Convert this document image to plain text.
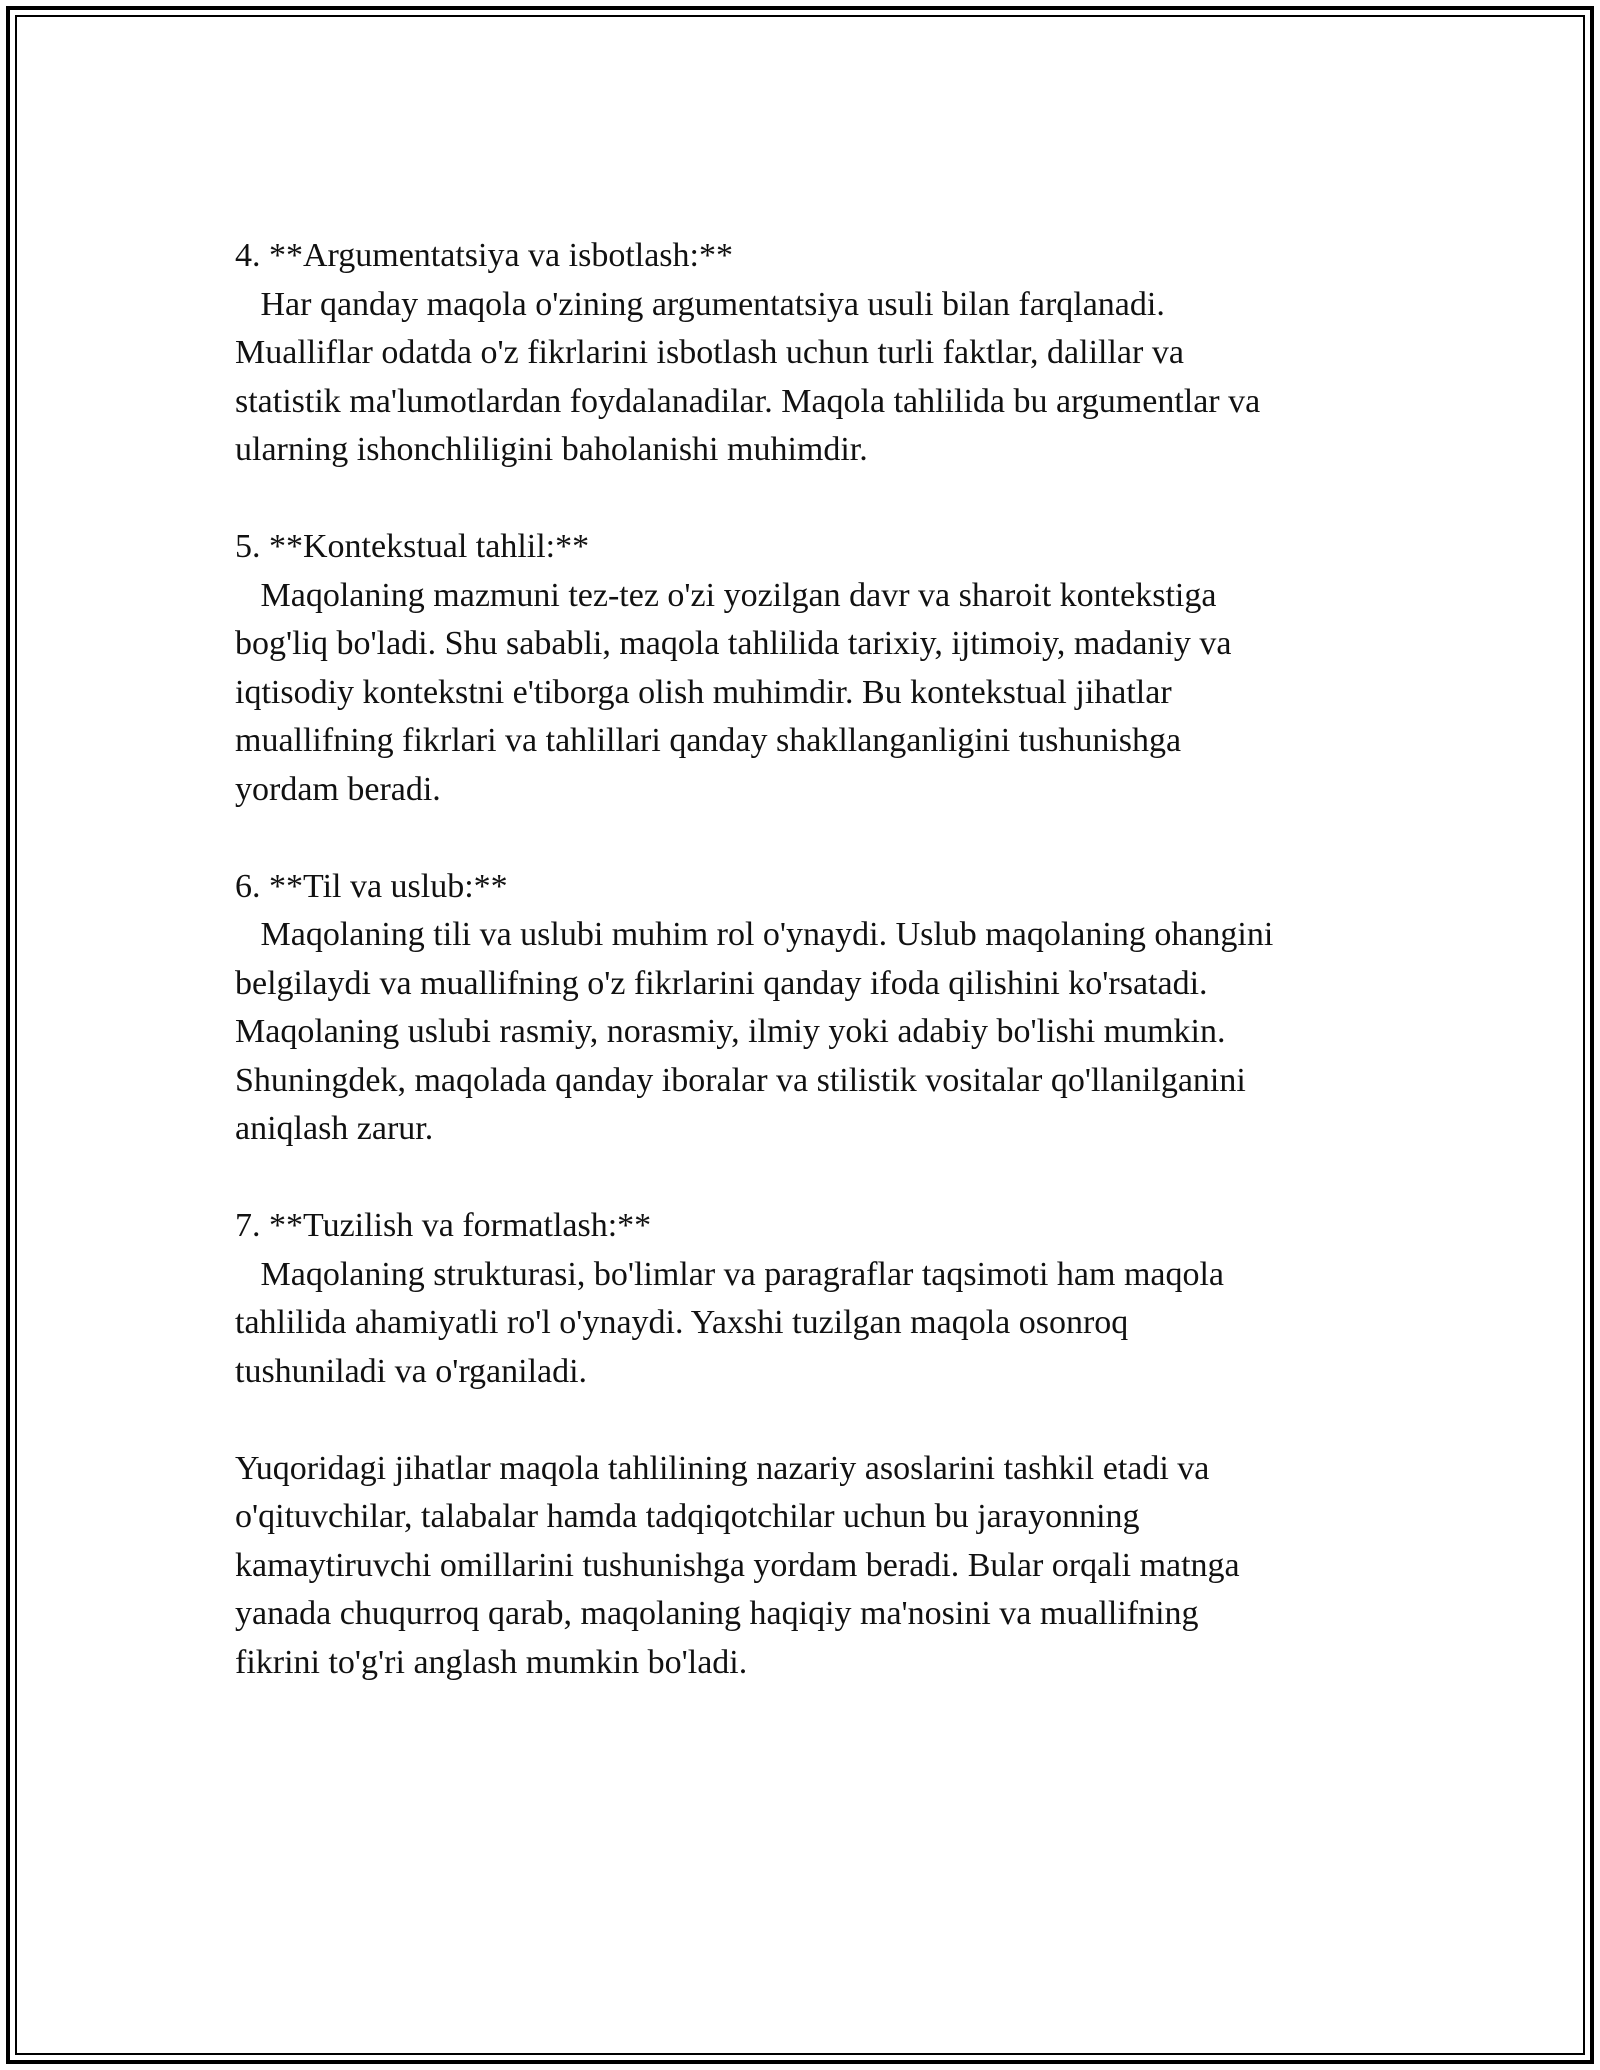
4. **Argumentatsiya va isbotlash:**
Har qanday maqola o'zining argumentatsiya usuli bilan farqlanadi.
Mualliflar odatda o'z fikrlarini isbotlash uchun turli faktlar, dalillar va
statistik ma'lumotlardan foydalanadilar. Maqola tahlilida bu argumentlar va
ularning ishonchliligini baholanishi muhimdir.
5. **Kontekstual tahlil:**
Maqolaning mazmuni tez-tez o'zi yozilgan davr va sharoit kontekstiga
bog'liq bo'ladi. Shu sababli, maqola tahlilida tarixiy, ijtimoiy, madaniy va
iqtisodiy kontekstni e'tiborga olish muhimdir. Bu kontekstual jihatlar
muallifning fikrlari va tahlillari qanday shakllanganligini tushunishga
yordam beradi.
6. **Til va uslub:**
Maqolaning tili va uslubi muhim rol o'ynaydi. Uslub maqolaning ohangini
belgilaydi va muallifning o'z fikrlarini qanday ifoda qilishini ko'rsatadi.
Maqolaning uslubi rasmiy, norasmiy, ilmiy yoki adabiy bo'lishi mumkin.
Shuningdek, maqolada qanday iboralar va stilistik vositalar qo'llanilganini
aniqlash zarur.
7. **Tuzilish va formatlash:**
Maqolaning strukturasi, bo'limlar va paragraflar taqsimoti ham maqola
tahlilida ahamiyatli ro'l o'ynaydi. Yaxshi tuzilgan maqola osonroq
tushuniladi va o'rganiladi.
Yuqoridagi jihatlar maqola tahlilining nazariy asoslarini tashkil etadi va
o'qituvchilar, talabalar hamda tadqiqotchilar uchun bu jarayonning
kamaytiruvchi omillarini tushunishga yordam beradi. Bular orqali matnga
yanada chuqurroq qarab, maqolaning haqiqiy ma'nosini va muallifning
fikrini to'g'ri anglash mumkin bo'ladi.
